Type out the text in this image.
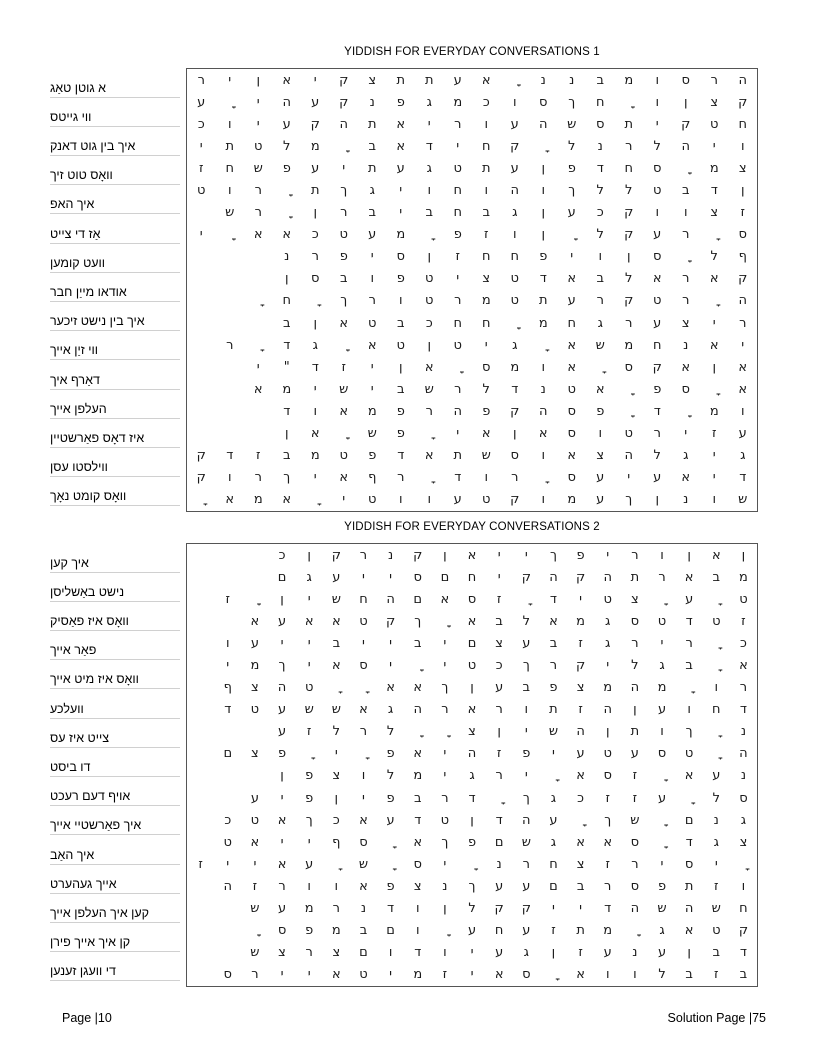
YIDDISH FOR EVERYDAY CONVERSATIONS 1
א גוטן טאַג
ווי גייטס
איך בין גוט דאנק
וואָס טוט זיך
איך האפ
אַז די צייט
וועט קומען
אודאו מייַן חבר
איך בין נישט זיכער
ווי זיַן אייך
דאַרף איך
העלפן אייך
איז דאָס פאַרשטיין
ווילסטו עסן
וואָס קומט נאָך
ה	ר	ס	ו	מ	ב	נ	נ		א	ע	ת	ת	צ	ק	י	א	ן	י	ר
ק	צ	ן	ו		ח	ך	ס	ו	כ	מ	ג	פ	נ	ק	ע	ה	י		ע
ח	ט	ק	י	ת	ס	ש	ה	ע	ו	ר	י	א	ת	ה	ק	ע	י	ו	כ
ו	י	ה	ל	ר	נ	ל		ק	ח	י	ד	א	ב		מ	ל	ט	ת	י
צ	מ		ס	ח	ד	פ	ן	ע	ת	ט	ג	ע	ת	י	ע	פ	ש	ח	ז
ן	ד	ב	ט	ל	ל	ך	ו	ה	ו	ח	ו	י	ג	ך	ת		ר	ו	ט
ז	צ	ו	ו	ק	כ	ע	ן	ג	ב	ח	ב	י	ב	ר	ן		ר	ש	
ס		ר	ע	ק	ל		ן	ו	ז	פ		מ	ע	ט	כ	א	א		י
ף	ל		ס	ן	ו	י	פ	ח	ח	ז	ן	ס	י	פ	ר	נ			
ק	א	ר	א	ל	ב	א	ד	ט	צ	י	ט	פ	ו	ב	ס	ן			
ה		ר	ט	ק	ר	ע	ת	ט	מ	ר	ט	ו	ר	ך		ח			
ר	י	צ	ע	ר	ג	ח	מ		ח	ח	כ	ב	ט	א	ן	ב			
י	א	נ	ח	מ	ש	א		ג	י	ט	ן	ט	א		ג	ד		ר	
א	ן	א	ק	ס		א	ו	מ	ס		א	ן	י	ז	ד	"	י		
א		ס	פ		א	ט	נ	ד	ל	ר	ש	ב	י	ש	י	מ	א		
ו	מ		ד		פ	ס	ה	ק	פ	ה	ר	פ	מ	א	ו	ד			
ע	ז	י	ר	ט	ו	ס	א	ן	א	י		פ	ש		א	ן			
ג	י	ג	ל	ה	צ	א	ו	ס	ש	ת	א	ד	פ	ט	מ	ב	ז	ד	ק
ד	י	א	ע	י	ע	ס		ר	ו	ד		ר	ף	א	י	ך	ר	ו	ק
ש	ו	נ	ן	ך	ע	מ	ו	ק	ט	ע	ו	ו	ט	י		א	מ	א	
YIDDISH FOR EVERYDAY CONVERSATIONS 2
איך קען
נישט באַשליסן
וואָס איז פאַסיק
פאַר אייך
וואָס איז מיט אייך
וועלכע
צייט איז עס
דו ביסט
אויף דעם רעכט
איך פאַרשטיי אייך
איך האַב
אייך געהערט
קען איך העלפן אייך
קן איך אייך פירן
די וועגן זענען
ן	א	ן	ו	ר	י	פ	ך	י	י	א	ן	ק	נ	ר	ק	ן	כ			
מ	ב	א	ר	ת	ה	ק	ה	ק	י	ח	ם	ס	י	י	ע	ג	ם			
ט		ע		צ	ט	י	ד		ז	ס	א	ם	ה	ח	ש	י	ן		ז	
ז	ט	ד	ט	ס	ג	מ	א	ל	ב	א		ך	ק	ט	א	א	ע	א		
כ		ר	י	ר	ג	ז	ב	ע	צ	ם	י	ב	י	י	ב	י	י	ע	ו	
א		ב	ג	ל	י	ק	ר	ך	כ	ט	י		י	ס	א	י	ך	מ	י	
ר	ו		מ	ה	מ	צ	פ	ב	ע	ן	ך	א	א			ט	ה	צ	ף	
ד	ח	ו	ע	ן	ה	ז	ת	ו	ר	א	ר	ה	ג	א	ש	ש	ע	ט	ד	
נ		ך	ו	ת	ן	ה	ש	י	ן	צ			ל	ר	ל	ז	ע			
ה		ט	ס	ע	ט	ע	י	פ	ז	ה	י	א	פ		י		פ	צ	ם	
נ	ע	א		ז	ס	א		י	ר	ג	י	מ	ל	ו	צ	פ	ן			
ס	ל		ע	ז	ז	כ	ג	ך		ד	ר	ב	פ	י	ן	פ	י	ע		
ג	נ	ם		ש	ך		ע	ה	ד	ן	ט	ד	ע	א	כ	ך	א	ט	כ	
צ	ג	ד		ס	א	א	ג	ש	ם	פ	ך	א		ס	ף	י	י	א	ט	
	י	ס	י	ר	ז	צ	ח	ר	נ		י	ס		ש		ע	א	י	י	ז
ו	ז	ת	פ	ס	ר	ב	ם	ע	ע	ך	נ	צ	פ	א	ו	ו	ר	ז	ה	
ח	ש	ה	ש	ה	ד	י	י	ק	ק	ל	ן	ו	ד	נ	ר	מ	ע	ש		
ק	ט	א	ג		מ	ת	ז	ע	ח	ע		ו	ם	ב	מ	פ	ס			
ד	ב	ן	ע	נ	ע	ז	ן	ג	ע	י	ו	ד	ו	ם	צ	ר	צ	ש		
ב	ז	ב	ל	ו	ו	א		ס	א	י	ז	מ	י	ט	א	י	י	ר	ס	
Page |10	Solution Page |75
